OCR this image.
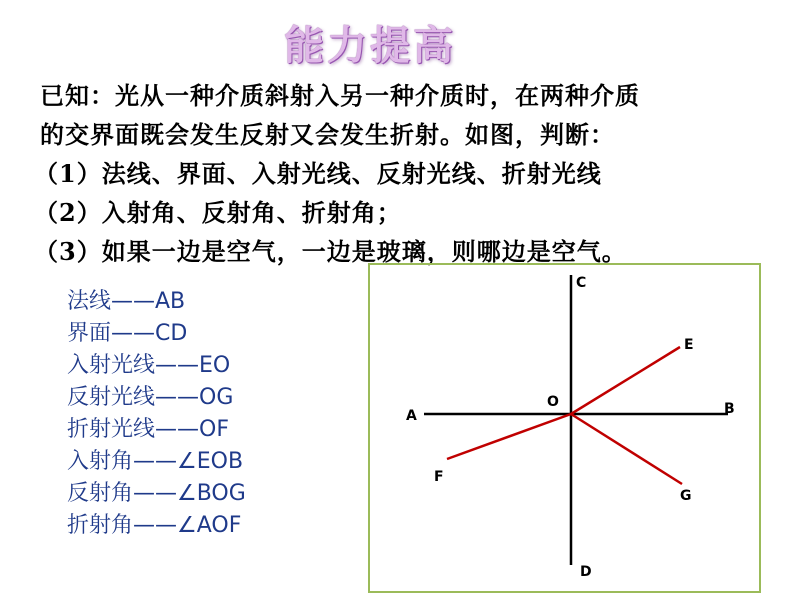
能力提高
已知：光从一种介质斜射入另一种介质时，在两种介质
的交界面既会发生反射又会发生折射。如图，判断：
（1）法线、界面、入射光线、反射光线、折射光线
（2）入射角、反射角、折射角；
（3）如果一边是空气，一边是玻璃，则哪边是空气。
法线——AB
界面——CD
入射光线——EO
反射光线——OG
折射光线——OF
入射角——∠EOB
反射角——∠BOG
折射角——∠AOF
C
E
O
A	B
F
G
D
